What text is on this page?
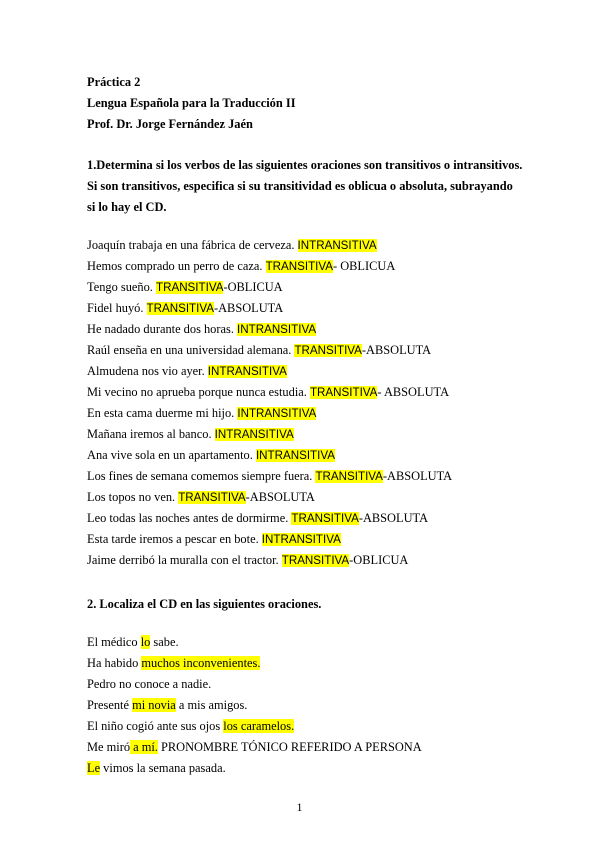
Práctica 2
Lengua Española para la Traducción II
Prof. Dr. Jorge Fernández Jaén
1.Determina si los verbos de las siguientes oraciones son transitivos o intransitivos.
Si son transitivos, especifica si su transitividad es oblicua o absoluta, subrayando
si lo hay el CD.
Joaquín trabaja en una fábrica de cerveza. INTRANSITIVA
Hemos comprado un perro de caza. TRANSITIVA- OBLICUA
Tengo sueño. TRANSITIVA-OBLICUA
Fidel huyó. TRANSITIVA-ABSOLUTA
He nadado durante dos horas. INTRANSITIVA
Raúl enseña en una universidad alemana. TRANSITIVA-ABSOLUTA
Almudena nos vio ayer. INTRANSITIVA
Mi vecino no aprueba porque nunca estudia. TRANSITIVA- ABSOLUTA
En esta cama duerme mi hijo. INTRANSITIVA
Mañana iremos al banco. INTRANSITIVA
Ana vive sola en un apartamento. INTRANSITIVA
Los fines de semana comemos siempre fuera. TRANSITIVA-ABSOLUTA
Los topos no ven. TRANSITIVA-ABSOLUTA
Leo todas las noches antes de dormirme. TRANSITIVA-ABSOLUTA
Esta tarde iremos a pescar en bote. INTRANSITIVA
Jaime derribó la muralla con el tractor. TRANSITIVA-OBLICUA
2. Localiza el CD en las siguientes oraciones.
El médico lo sabe.
Ha habido muchos inconvenientes.
Pedro no conoce a nadie.
Presenté mi novia a mis amigos.
El niño cogió ante sus ojos los caramelos.
Me miró a mí. PRONOMBRE TÓNICO REFERIDO A PERSONA
Le vimos la semana pasada.
1
